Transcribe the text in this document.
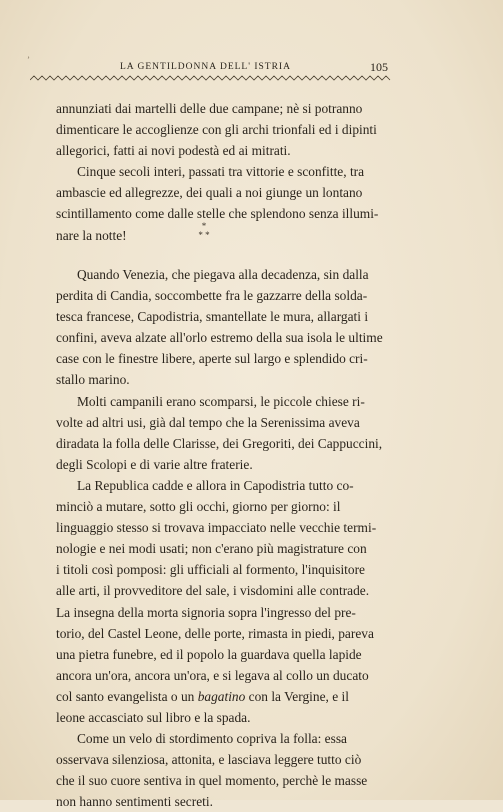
’
LA GENTILDONNA DELL' ISTRIA	105

annunziati dai martelli delle due campane; nè si potranno
dimenticare le accoglienze con gli archi trionfali ed i dipinti
allegorici, fatti ai novi podestà ed ai mitrati.

Cinque secoli interi, passati tra vittorie e sconfitte, tra
ambascie ed allegrezze, dei quali a noi giunge un lontano
scintillamento come dalle stelle che splendono senza illumi-
nare la notte!

*
* *

Quando Venezia, che piegava alla decadenza, sin dalla
perdita di Candia, soccombette fra le gazzarre della solda-
tesca francese, Capodistria, smantellate le mura, allargati i
confini, aveva alzate all'orlo estremo della sua isola le ultime
case con le finestre libere, aperte sul largo e splendido cri-
stallo marino.

Molti campanili erano scomparsi, le piccole chiese ri-
volte ad altri usi, già dal tempo che la Serenissima aveva
diradata la folla delle Clarisse, dei Gregoriti, dei Cappuccini,
degli Scolopi e di varie altre fraterie.

La Republica cadde e allora in Capodistria tutto co-
minciò a mutare, sotto gli occhi, giorno per giorno: il
linguaggio stesso si trovava impacciato nelle vecchie termi-
nologie e nei modi usati; non c'erano più magistrature con
i titoli così pomposi: gli ufficiali al formento, l'inquisitore
alle arti, il provveditore del sale, i visdomini alle contrade.
La insegna della morta signoria sopra l'ingresso del pre-
torio, del Castel Leone, delle porte, rimasta in piedi, pareva
una pietra funebre, ed il popolo la guardava quella lapide
ancora un'ora, ancora un'ora, e si legava al collo un ducato
col santo evangelista o un bagatino con la Vergine, e il
leone accasciato sul libro e la spada.

Come un velo di stordimento copriva la folla: essa
osservava silenziosa, attonita, e lasciava leggere tutto ciò
che il suo cuore sentiva in quel momento, perchè le masse
non hanno sentimenti secreti.
